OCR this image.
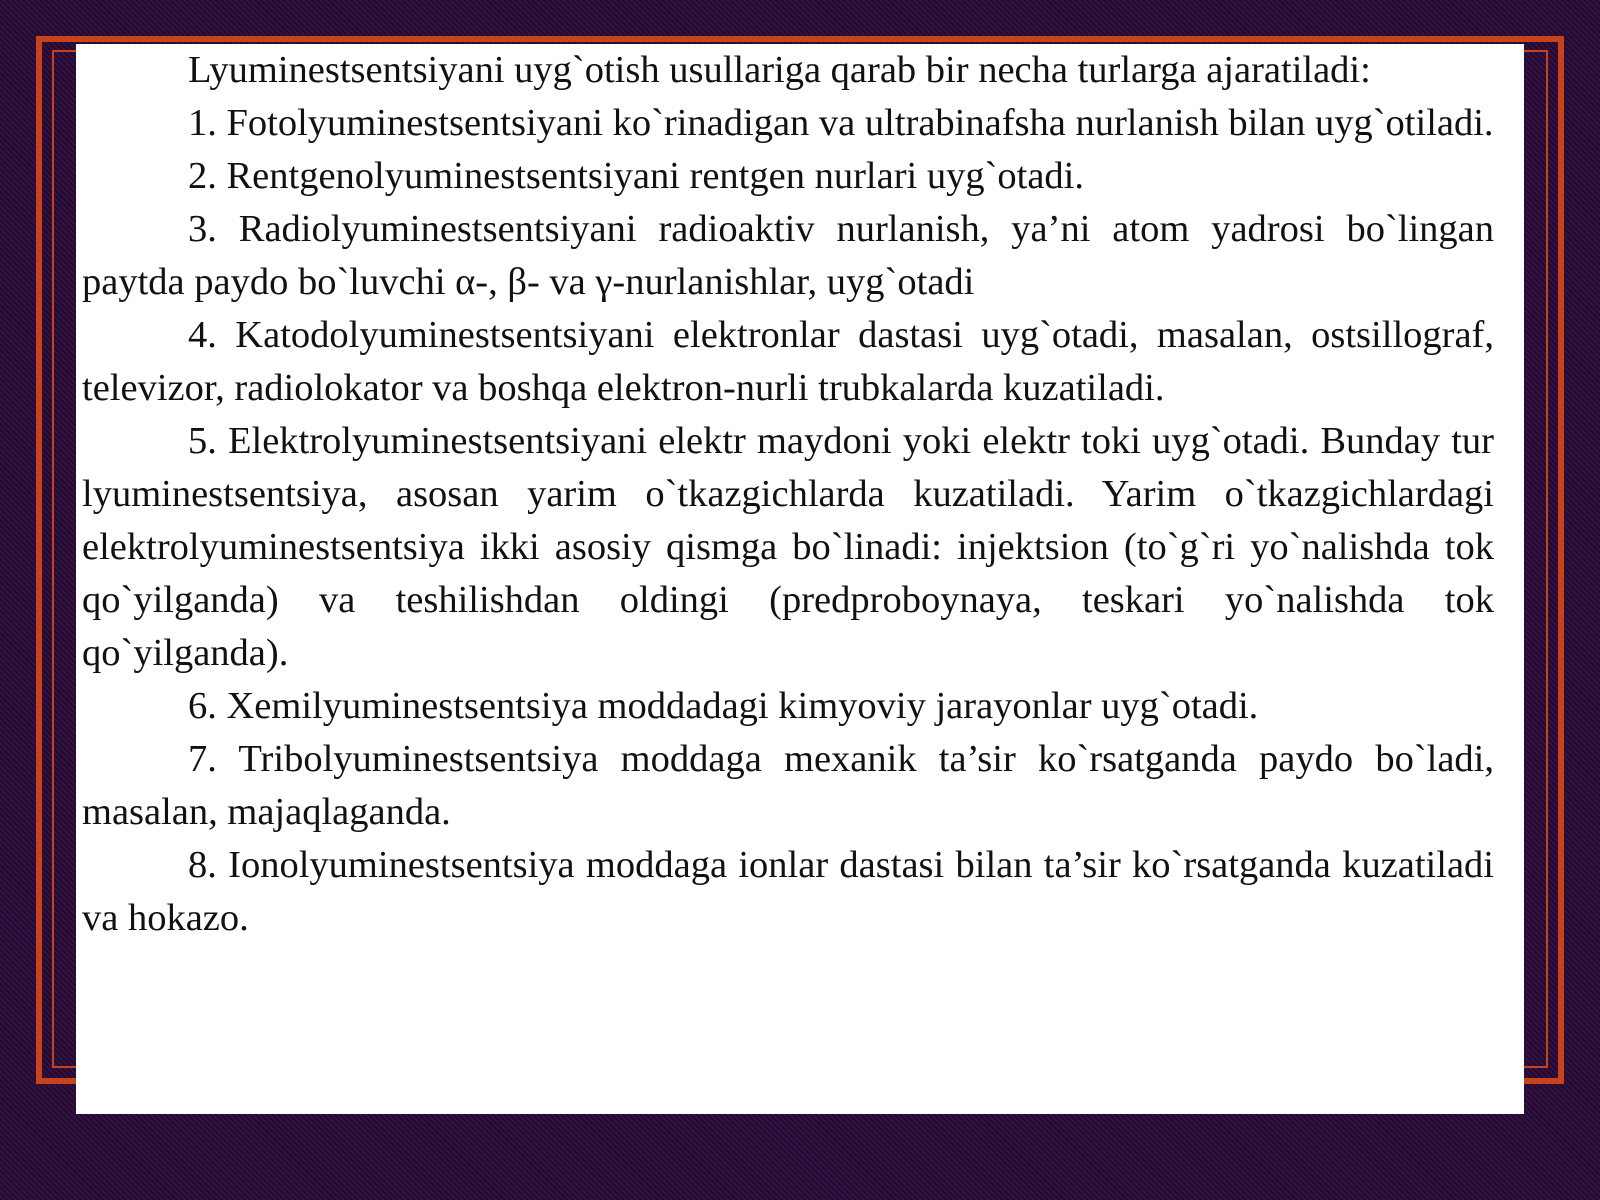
Lyuminestsentsiyani uyg`otish usullariga qarab bir necha turlarga ajaratiladi:

1. Fotolyuminestsentsiyani ko`rinadigan va ultrabinafsha nurlanish bilan uyg`otiladi.

2. Rentgenolyuminestsentsiyani rentgen nurlari uyg`otadi.

3. Radiolyuminestsentsiyani radioaktiv nurlanish, ya’ni atom yadrosi bo`lingan paytda paydo bo`luvchi α-, β- va γ-nurlanishlar, uyg`otadi

4. Katodolyuminestsentsiyani elektronlar dastasi uyg`otadi, masalan, ostsillograf, televizor, radiolokator va boshqa elektron-nurli trubkalarda kuzatiladi.

5. Elektrolyuminestsentsiyani elektr maydoni yoki elektr toki uyg`otadi. Bunday tur lyuminestsentsiya, asosan yarim o`tkazgichlarda kuzatiladi. Yarim o`tkazgichlardagi elektrolyuminestsentsiya ikki asosiy qismga bo`linadi: injektsion (to`g`ri yo`nalishda tok qo`yilganda) va teshilishdan oldingi (predproboynaya, teskari yo`nalishda tok qo`yilganda).

6. Xemilyuminestsentsiya moddadagi kimyoviy jarayonlar uyg`otadi.

7. Tribolyuminestsentsiya moddaga mexanik ta’sir ko`rsatganda paydo bo`ladi, masalan, majaqlaganda.

8. Ionolyuminestsentsiya moddaga ionlar dastasi bilan ta’sir ko`rsatganda kuzatiladi va hokazo.
